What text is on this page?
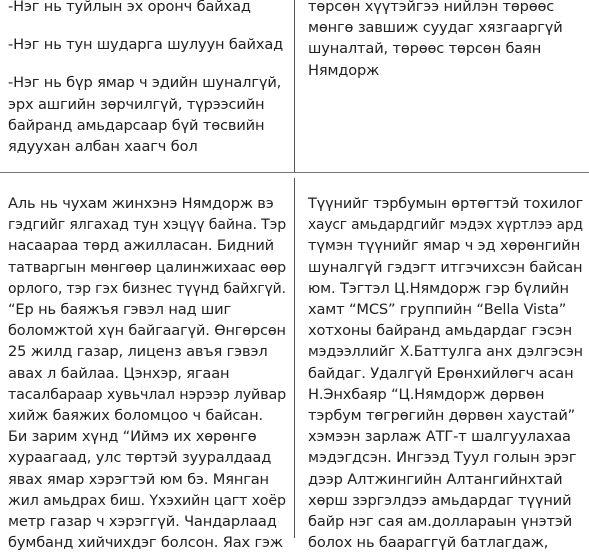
-Нэг нь туйлын эх оронч байхад

-Нэг нь тун шударга шулуун байхад

-Нэг нь бүр ямар ч эдийн шуналгүй,
эрх ашгийн зөрчилгүй, түрээсийн
байранд амьдарсаар бүй төсвийн
ядуухан албан хаагч бол

төрсөн хүүтэйгээ нийлэн төрөөс
мөнгө завшиж суудаг хязгааргүй
шуналтай, төрөөс төрсөн баян
Нямдорж
Аль нь чухам жинхэнэ Нямдорж вэ
гэдгийг ялгахад тун хэцүү байна. Тэр
насаараа төрд ажилласан. Бидний
татваргын мөнгөөр цалинжихаас өөр
орлого, тэр гэх бизнес түүнд байхгүй.
“Ер нь баяжъя гэвэл над шиг
боломжтой хүн байгаагүй. Өнгөрсөн
25 жилд газар, лиценз авъя гэвэл
авах л байлаа. Цэнхэр, ягаан
тасалбараар хувьчлал нэрээр луйвар
хийж баяжих боломцоо ч байсан.
Би зарим хүнд “Иймэ их хөрөнгө
хураагаад, улс төртэй зууралдаад
явах ямар хэрэгтэй юм бэ. Мянган
жил амьдрах биш. Үхэхийн цагт хоёр
метр газар ч хэрэггүй. Чандарлаад
бумбанд хийчихдэг болсон. Яах гэж
Түүнийг тэрбумын өртөгтэй тохилог
хаусг амьдардгийг мэдэх хүртлээ ард
түмэн түүнийг ямар ч эд хөрөнгийн
шуналгүй гэдэгт итгэчихсэн байсан
юм. Тэгтэл Ц.Нямдорж гэр бүлийн
хамт “MCS” группийн “Bella Vista”
хотхоны байранд амьдардаг гэсэн
мэдээллийг Х.Баттулга анх дэлгэсэн
байдаг. Удалгүй Ерөнхийлөгч асан
Н.Энхбаяр “Ц.Нямдорж дөрвөн
тэрбум төгрөгийн дөрвөн хаустай”
хэмээн зарлаж АТГ-т шалгуулахаа
мэдэгдсэн. Ингээд Туул голын эрэг
дээр Алтжингийн Алтангийнхтай
хөрш зэргэлдээ амьдардаг түүний
байр нэг сая ам.доллараын үнэтэй
болох нь баараггүй батлагдаж,
